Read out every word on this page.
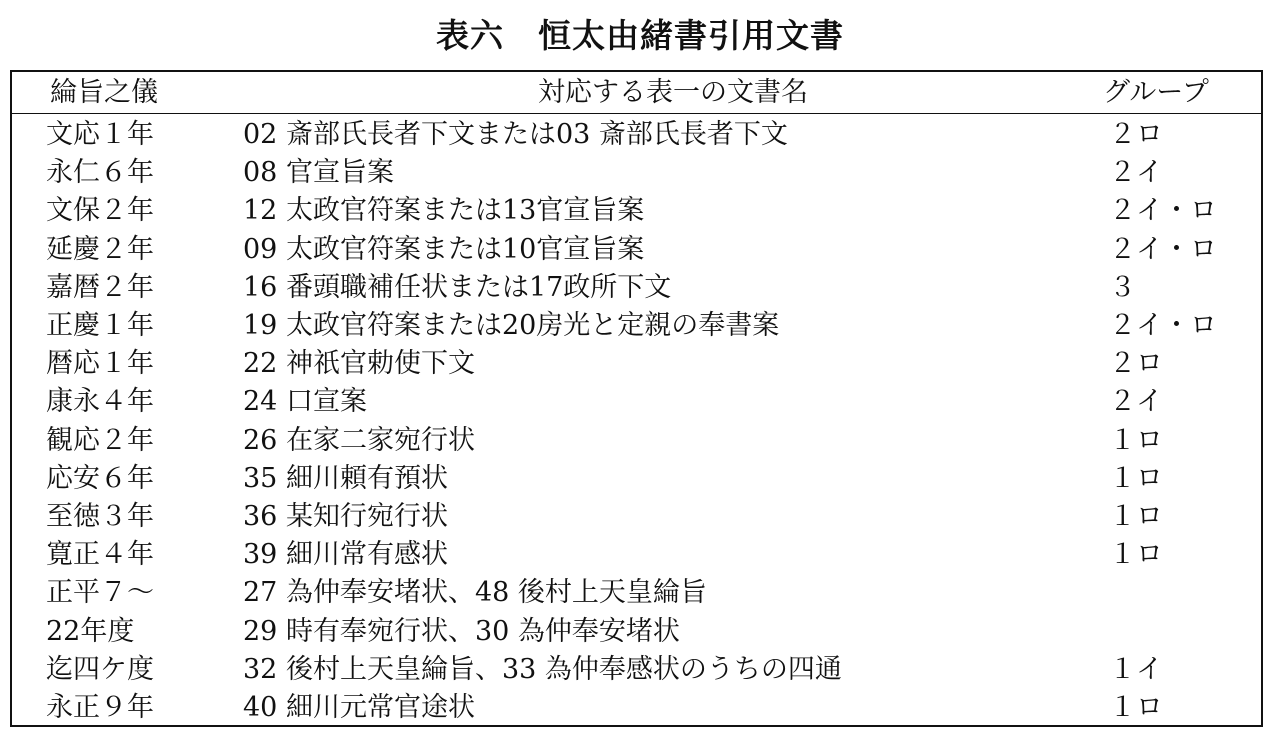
表六　恒太由緒書引用文書
綸旨之儀	対応する表一の文書名	グループ
文応１年	02 斎部氏長者下文または03 斎部氏長者下文	２ロ
永仁６年	08 官宣旨案	２イ
文保２年	12 太政官符案または13官宣旨案	２イ・ロ
延慶２年	09 太政官符案または10官宣旨案	２イ・ロ
嘉暦２年	16 番頭職補任状または17政所下文	３
正慶１年	19 太政官符案または20房光と定親の奉書案	２イ・ロ
暦応１年	22 神祇官勅使下文	２ロ
康永４年	24 口宣案	２イ
観応２年	26 在家二家宛行状	１ロ
応安６年	35 細川頼有預状	１ロ
至徳３年	36 某知行宛行状	１ロ
寛正４年	39 細川常有感状	１ロ
正平７～	27 為仲奉安堵状、48 後村上天皇綸旨
22年度	29 時有奉宛行状、30 為仲奉安堵状
迄四ケ度	32 後村上天皇綸旨、33 為仲奉感状のうちの四通	１イ
永正９年	40 細川元常官途状	１ロ
